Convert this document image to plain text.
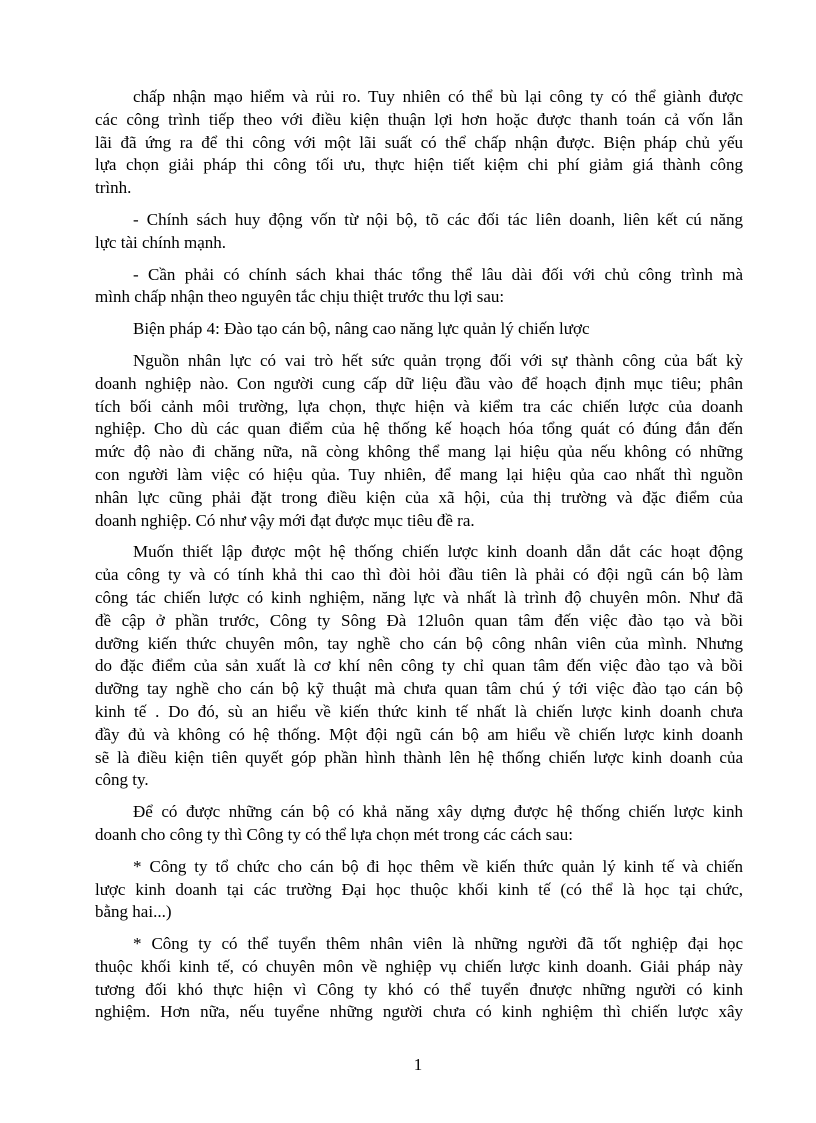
chấp nhận mạo hiểm và rủi ro. Tuy nhiên có thể bù lại công ty có thể giành được
các công trình tiếp theo với điều kiện thuận lợi hơn hoặc được thanh toán cả vốn lẫn
lãi đã ứng ra để thi công với một lãi suất có thể chấp nhận được. Biện pháp chủ yếu
lựa chọn giải pháp thi công tối ưu, thực hiện tiết kiệm chi phí giảm giá thành công
trình.
- Chính sách huy động vốn từ nội bộ, tõ các đối tác liên doanh, liên kết cú năng
lực tài chính mạnh.
- Cần phải có chính sách khai thác tổng thể lâu dài đối với chủ công trình mà
mình chấp nhận theo nguyên tắc chịu thiệt trước thu lợi sau:
Biện pháp 4: Đào tạo cán bộ, nâng cao năng lực quản lý chiến lược
Nguồn nhân lực có vai trò hết sức quản trọng đối với sự thành công của bất kỳ
doanh nghiệp nào. Con người cung cấp dữ liệu đầu vào để hoạch định mục tiêu; phân
tích bối cảnh môi trường, lựa chọn, thực hiện và kiểm tra các chiến lược của doanh
nghiệp. Cho dù các quan điểm của hệ thống kế hoạch hóa tổng quát có đúng đắn đến
mức độ nào đi chăng nữa, nã còng không thể mang lại hiệu qủa nếu không có những
con người làm việc có hiệu qủa. Tuy nhiên, để mang lại hiệu qủa cao nhất thì nguồn
nhân lực cũng phải đặt trong điều kiện của xã hội, của thị trường và đặc điểm của
doanh nghiệp. Có như vậy mới đạt được mục tiêu đề ra.
Muốn thiết lập được một hệ thống chiến lược kinh doanh dẫn dắt các hoạt động
của công ty và có tính khả thi cao thì đòi hỏi đầu tiên là phải có đội ngũ cán bộ làm
công tác chiến lược có kinh nghiệm, năng lực và nhất là trình độ chuyên môn. Như đã
đề cập ở phần trước, Công ty Sông Đà 12luôn quan tâm đến việc đào tạo và bồi
dưỡng kiến thức chuyên môn, tay nghề cho cán bộ công nhân viên của mình. Nhưng
do đặc điểm của sản xuất là cơ khí nên công ty chỉ quan tâm đến việc đào tạo và bồi
dưỡng tay nghề cho cán bộ kỹ thuật mà chưa quan tâm chú ý tới việc đào tạo cán bộ
kinh tế . Do đó, sù an hiểu về kiến thức kinh tế nhất là chiến lược kinh doanh chưa
đầy đủ và không có hệ thống. Một đội ngũ cán bộ am hiểu về chiến lược kinh doanh
sẽ là điều kiện tiên quyết góp phần hình thành lên hệ thống chiến lược kinh doanh của
công ty.
Để có được những cán bộ có khả năng xây dựng được hệ thống chiến lược kinh
doanh cho công ty thì Công ty có thể lựa chọn mét trong các cách sau:
* Công ty tổ chức cho cán bộ đi học thêm về kiến thức quản lý kinh tế và chiến
lược kinh doanh tại các trường Đại học thuộc khối kinh tế (có thể là học tại chức,
bằng hai...)
* Công ty có thể tuyển thêm nhân viên là những người đã tốt nghiệp đại học
thuộc khối kinh tế, có chuyên môn về nghiệp vụ chiến lược kinh doanh. Giải pháp này
tương đối khó thực hiện vì Công ty khó có thể tuyển đnược những người có kinh
nghiệm. Hơn nữa, nếu tuyểne những người chưa có kinh nghiệm thì chiến lược xây
1
